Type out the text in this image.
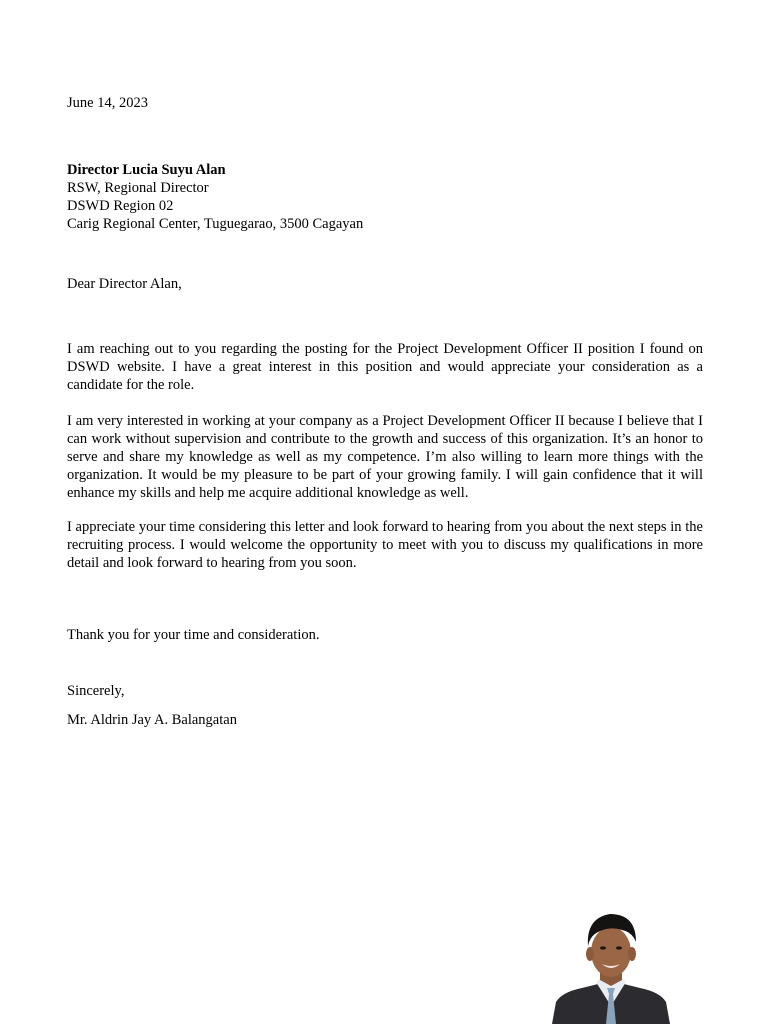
June 14, 2023

Director Lucia Suyu Alan

RSW, Regional Director

DSWD Region 02

Carig Regional Center, Tuguegarao, 3500 Cagayan

Dear Director Alan,

I am reaching out to you regarding the posting for the Project Development Officer II position I found on DSWD website. I have a great interest in this position and would appreciate your consideration as a candidate for the role.

I am very interested in working at your company as a Project Development Officer II because I believe that I can work without supervision and contribute to the growth and success of this organization. It’s an honor to serve and share my knowledge as well as my competence. I’m also willing to learn more things with the organization. It would be my pleasure to be part of your growing family. I will gain confidence that it will enhance my skills and help me acquire additional knowledge as well.

I appreciate your time considering this letter and look forward to hearing from you about the next steps in the recruiting process. I would welcome the opportunity to meet with you to discuss my qualifications in more detail and look forward to hearing from you soon.

Thank you for your time and consideration.

Sincerely,

Mr. Aldrin Jay A. Balangatan
